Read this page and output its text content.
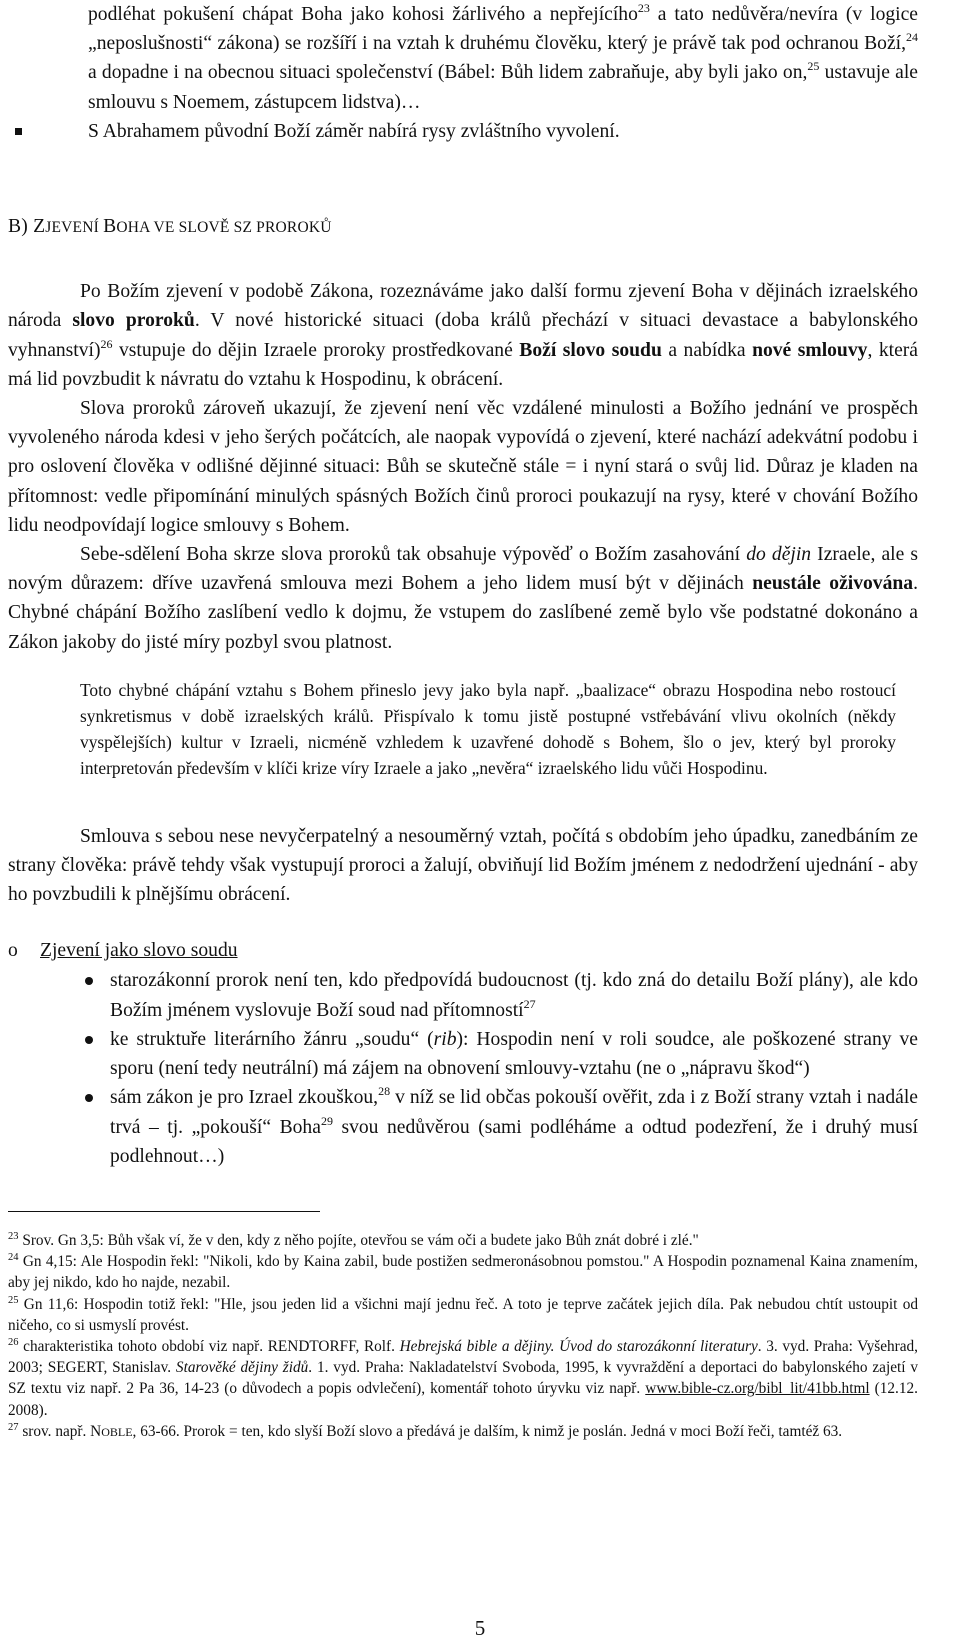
podléhat pokušení chápat Boha jako kohosi žárlivého a nepřejícího$^{23}$ a tato nedůvěra/nevíra (v logice „neposlušnosti“ zákona) se rozšíří i na vztah k druhému člověku, který je právě tak pod ochranou Boží,$^{24}$ a dopadne i na obecnou situaci společenství (Bábel: Bůh lidem zabraňuje, aby byli jako on,$^{25}$ ustavuje ale smlouvu s Noemem, zástupcem lidstva)…

S Abrahamem původní Boží záměr nabírá rysy zvláštního vyvolení.

B) ZJEVENÍ BOHA VE SLOVĚ SZ PROROKŮ

Po Božím zjevení v podobě Zákona, rozeznáváme jako další formu zjevení Boha v dějinách izraelského národa slovo proroků. V nové historické situaci (doba králů přechází v situaci devastace a babylonského vyhnanství)$^{26}$ vstupuje do dějin Izraele proroky prostředkované Boží slovo soudu a nabídka nové smlouvy, která má lid povzbudit k návratu do vztahu k Hospodinu, k obrácení.

Slova proroků zároveň ukazují, že zjevení není věc vzdálené minulosti a Božího jednání ve prospěch vyvoleného národa kdesi v jeho šerých počátcích, ale naopak vypovídá o zjevení, které nachází adekvátní podobu i pro oslovení člověka v odlišné dějinné situaci: Bůh se skutečně stále = i nyní stará o svůj lid. Důraz je kladen na přítomnost: vedle připomínání minulých spásných Božích činů proroci poukazují na rysy, které v chování Božího lidu neodpovídají logice smlouvy s Bohem.

Sebe-sdělení Boha skrze slova proroků tak obsahuje výpověď o Božím zasahování do dějin Izraele, ale s novým důrazem: dříve uzavřená smlouva mezi Bohem a jeho lidem musí být v dějinách neustále oživována. Chybné chápání Božího zaslíbení vedlo k dojmu, že vstupem do zaslíbené země bylo vše podstatné dokonáno a Zákon jakoby do jisté míry pozbyl svou platnost.

Toto chybné chápání vztahu s Bohem přineslo jevy jako byla např. „baalizace“ obrazu Hospodina nebo rostoucí synkretismus v době izraelských králů. Přispívalo k tomu jistě postupné vstřebávání vlivu okolních (někdy vyspělejších) kultur v Izraeli, nicméně vzhledem k uzavřené dohodě s Bohem, šlo o jev, který byl proroky interpretován především v klíči krize víry Izraele a jako „nevěra“ izraelského lidu vůči Hospodinu.

Smlouva s sebou nese nevyčerpatelný a nesouměrný vztah, počítá s obdobím jeho úpadku, zanedbáním ze strany člověka: právě tehdy však vystupují proroci a žalují, obviňují lid Božím jménem z nedodržení ujednání - aby ho povzbudili k plnějšímu obrácení.

o	Zjevení jako slovo soudu
starozákonní prorok není ten, kdo předpovídá budoucnost (tj. kdo zná do detailu Boží plány), ale kdo Božím jménem vyslovuje Boží soud nad přítomností$^{27}$
ke struktuře literárního žánru „soudu“ (rib): Hospodin není v roli soudce, ale poškozené strany ve sporu (není tedy neutrální) má zájem na obnovení smlouvy-vztahu (ne o „nápravu škod“)
sám zákon je pro Izrael zkouškou,$^{28}$ v níž se lid občas pokouší ověřit, zda i z Boží strany vztah i nadále trvá – tj. „pokouší“ Boha$^{29}$ svou nedůvěrou (sami podléháme a odtud podezření, že i druhý musí podlehnout…)

$^{23}$ Srov. Gn 3,5: Bůh však ví, že v den, kdy z něho pojíte, otevřou se vám oči a budete jako Bůh znát dobré i zlé."

$^{24}$ Gn 4,15: Ale Hospodin řekl: "Nikoli, kdo by Kaina zabil, bude postižen sedmeronásobnou pomstou." A Hospodin poznamenal Kaina znamením, aby jej nikdo, kdo ho najde, nezabil.

$^{25}$ Gn 11,6: Hospodin totiž řekl: "Hle, jsou jeden lid a všichni mají jednu řeč. A toto je teprve začátek jejich díla. Pak nebudou chtít ustoupit od ničeho, co si usmyslí provést.

$^{26}$ charakteristika tohoto období viz např. RENDTORFF, Rolf. Hebrejská bible a dějiny. Úvod do starozákonní literatury. 3. vyd. Praha: Vyšehrad, 2003; SEGERT, Stanislav. Starověké dějiny židů. 1. vyd. Praha: Nakladatelství Svoboda, 1995, k vyvraždění a deportaci do babylonského zajetí v SZ textu viz např. 2 Pa 36, 14-23 (o důvodech a popis odvlečení), komentář tohoto úryvku viz např. www.bible-cz.org/bibl_lit/41bb.html (12.12. 2008).

$^{27}$ srov. např. NOBLE, 63-66. Prorok = ten, kdo slyší Boží slovo a předává je dalším, k nimž je poslán. Jedná v moci Boží řeči, tamtéž 63.

5
